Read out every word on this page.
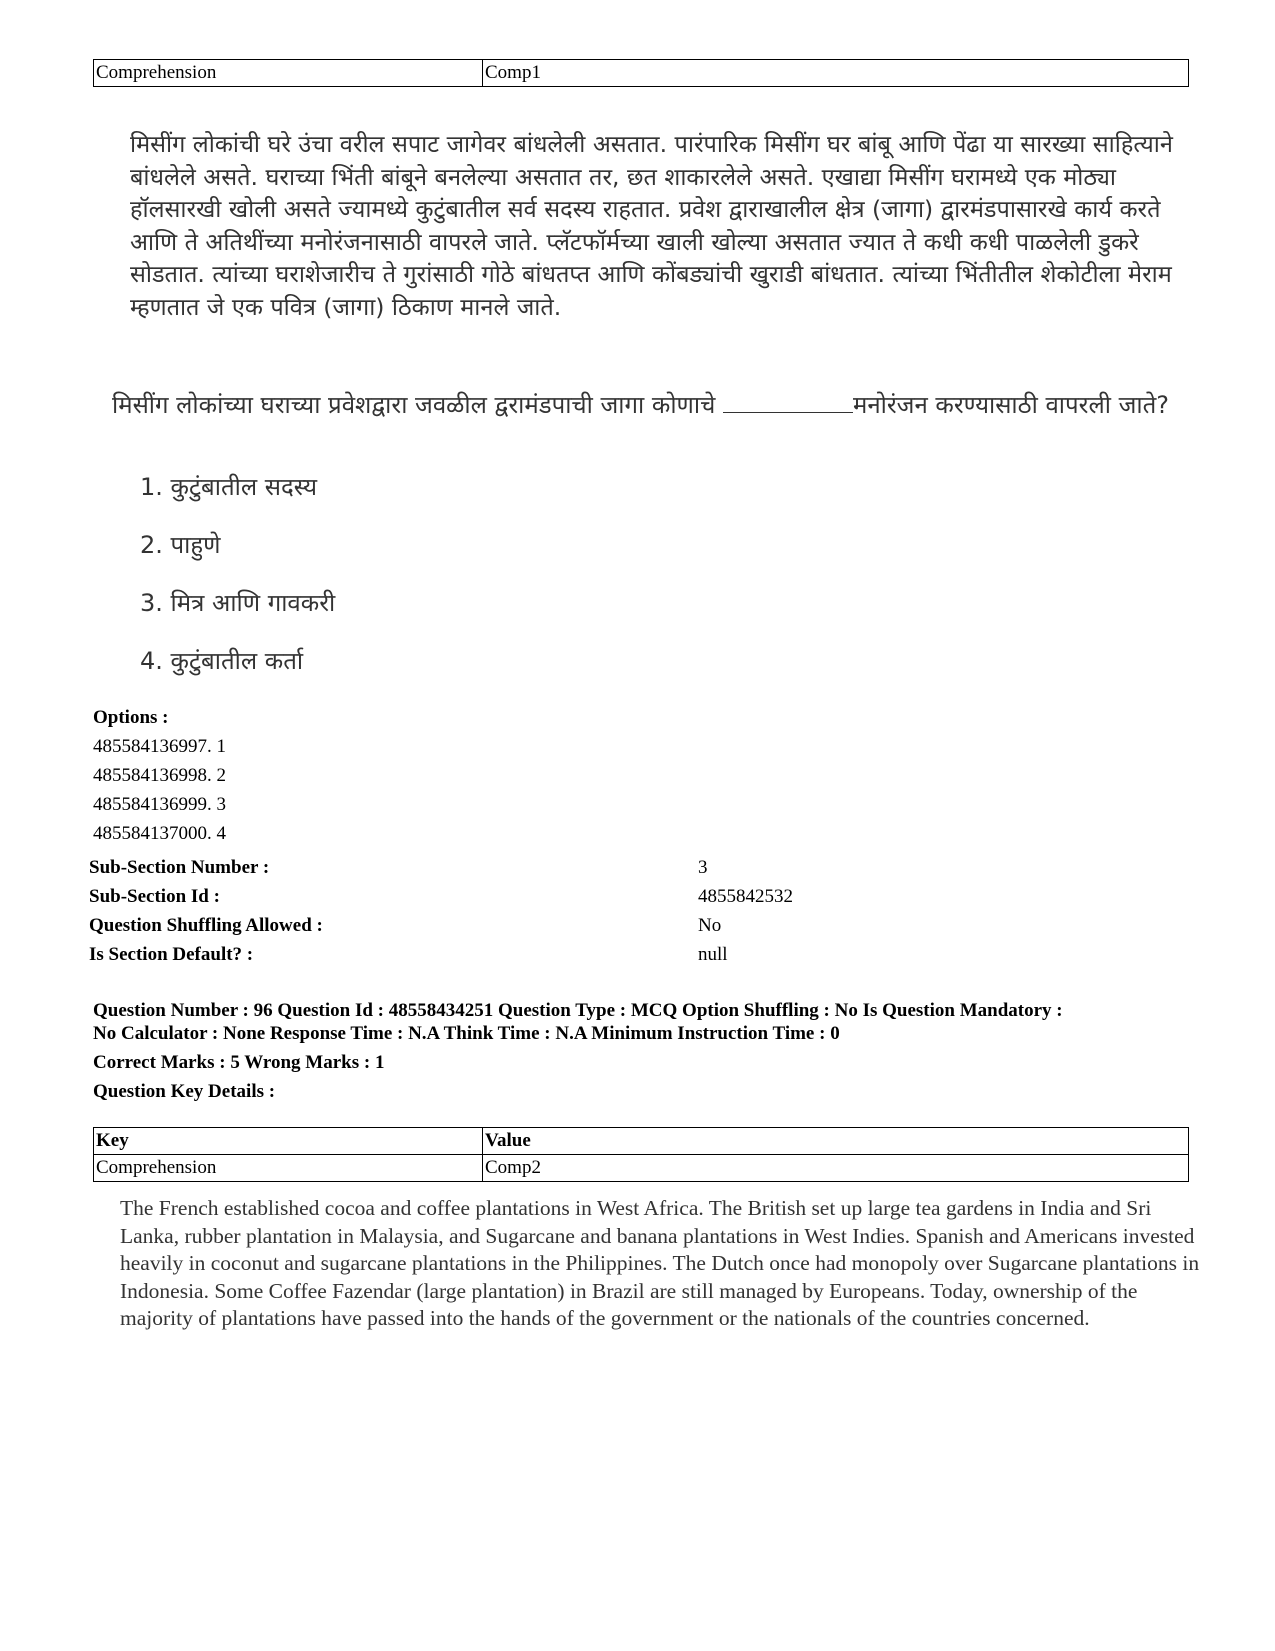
Comprehension	Comp1
मिसींग लोकांची घरे उंचा वरील सपाट जागेवर बांधलेली असतात. पारंपारिक मिसींग घर बांबू आणि पेंढा या सारख्या साहित्याने बांधलेले असते. घराच्या भिंती बांबूने बनलेल्या असतात तर, छत शाकारलेले असते. एखाद्या मिसींग घरामध्ये एक मोठ्या हॉलसारखी खोली असते ज्यामध्ये कुटुंबातील सर्व सदस्य राहतात. प्रवेश द्वाराखालील क्षेत्र (जागा) द्वारमंडपासारखे कार्य करते आणि ते अतिथींच्या मनोरंजनासाठी वापरले जाते. प्लॅटफॉर्मच्या खाली खोल्या असतात ज्यात ते कधी कधी पाळलेली डुकरे सोडतात. त्यांच्या घराशेजारीच ते गुरांसाठी गोठे बांधतप्त आणि कोंबड्यांची खुराडी बांधतात. त्यांच्या भिंतीतील शेकोटीला मेराम म्हणतात जे एक पवित्र (जागा) ठिकाण मानले जाते.
मिसींग लोकांच्या घराच्या प्रवेशद्वारा जवळील द्वरामंडपाची जागा कोणाचे	मनोरंजन करण्यासाठी वापरली जाते?
1. कुटुंबातील सदस्य
2. पाहुणे
3. मित्र आणि गावकरी
4. कुटुंबातील कर्ता
Options :
485584136997. 1
485584136998. 2
485584136999. 3
485584137000. 4
Sub-Section Number :	3
Sub-Section Id :	4855842532
Question Shuffling Allowed :	No
Is Section Default? :	null
Question Number : 96 Question Id : 48558434251 Question Type : MCQ Option Shuffling : No Is Question Mandatory :
No Calculator : None Response Time : N.A Think Time : N.A Minimum Instruction Time : 0
Correct Marks : 5 Wrong Marks : 1
Question Key Details :
Key	Value
Comprehension	Comp2
The French established cocoa and coffee plantations in West Africa. The British set up large tea gardens in India and Sri Lanka, rubber plantation in Malaysia, and Sugarcane and banana plantations in West Indies. Spanish and Americans invested heavily in coconut and sugarcane plantations in the Philippines. The Dutch once had monopoly over Sugarcane plantations in Indonesia. Some Coffee Fazendar (large plantation) in Brazil are still managed by Europeans. Today, ownership of the majority of plantations have passed into the hands of the government or the nationals of the countries concerned.
